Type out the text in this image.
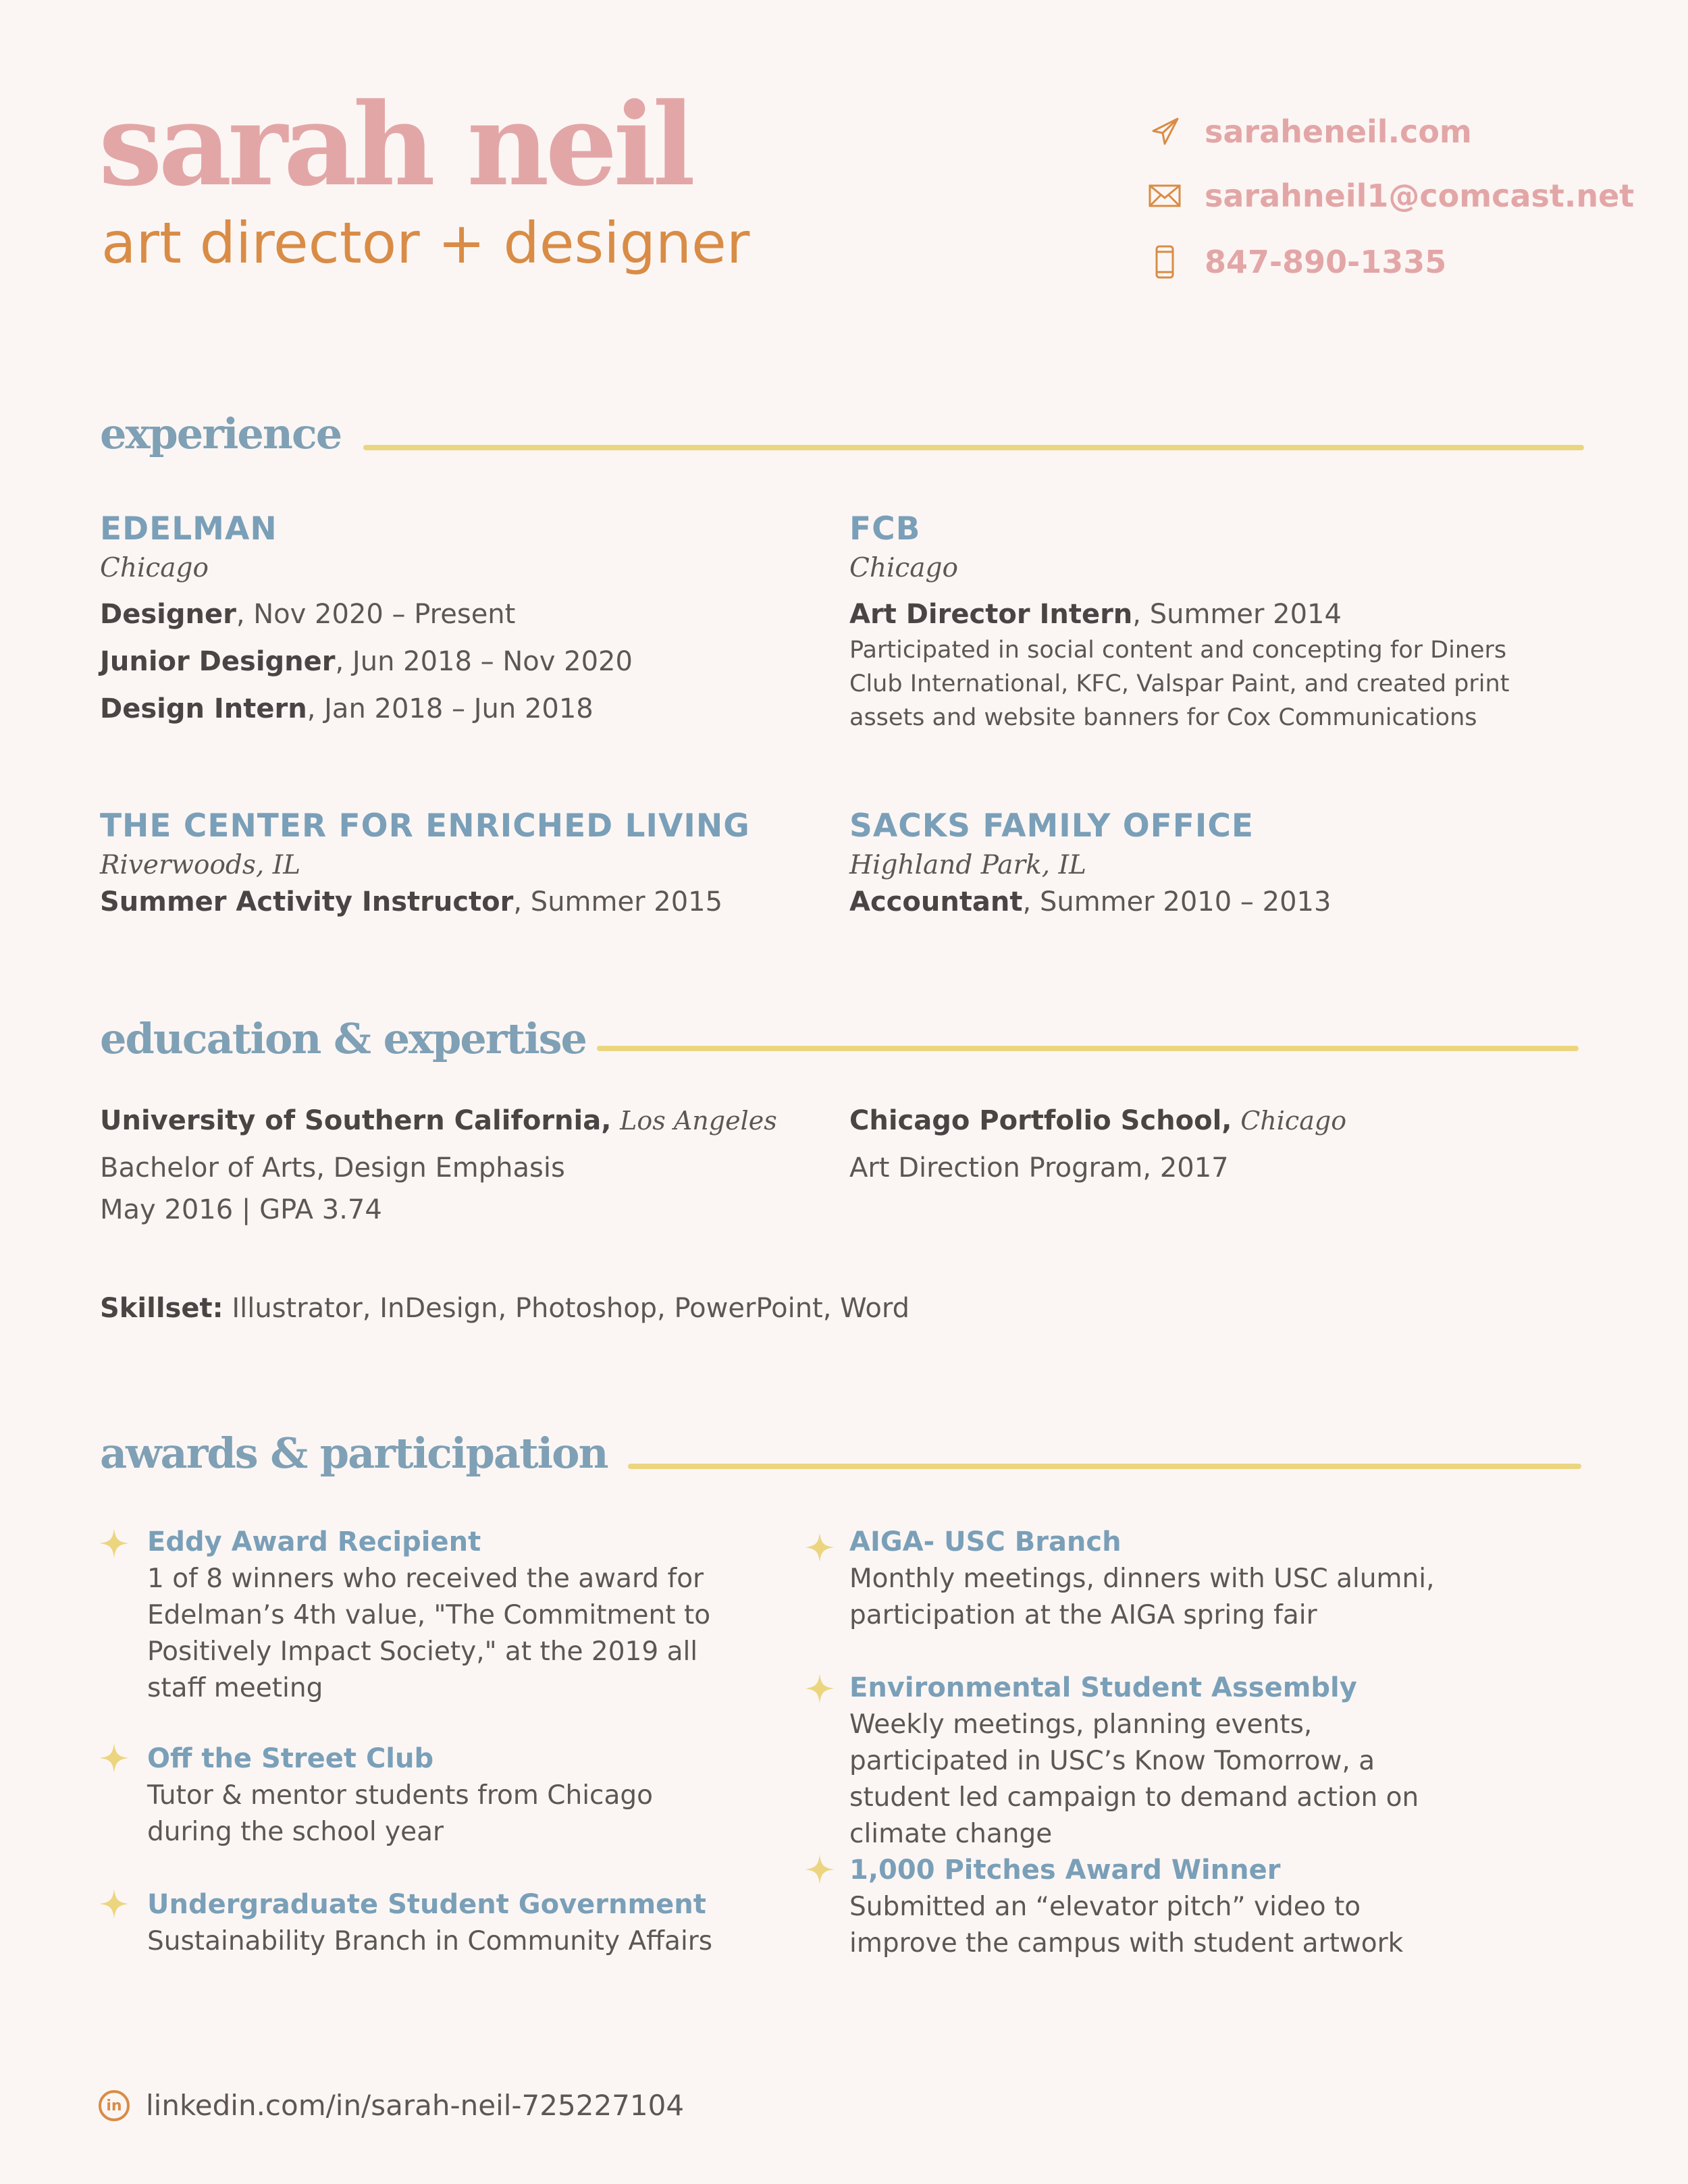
sarah neil
art director + designer
saraheneil.com
sarahneil1@comcast.net
847-890-1335
experience
EDELMAN
Chicago
Designer, Nov 2020 – Present
Junior Designer, Jun 2018 – Nov 2020
Design Intern, Jan 2018 – Jun 2018
FCB
Chicago
Art Director Intern, Summer 2014
Participated in social content and concepting for Diners Club International, KFC, Valspar Paint, and created print assets and website banners for Cox Communications
THE CENTER FOR ENRICHED LIVING
Riverwoods, IL
Summer Activity Instructor, Summer 2015
SACKS FAMILY OFFICE
Highland Park, IL
Accountant, Summer 2010 – 2013
education & expertise
University of Southern California, Los Angeles
Bachelor of Arts, Design Emphasis
May 2016 | GPA 3.74
Chicago Portfolio School, Chicago
Art Direction Program, 2017
Skillset: Illustrator, InDesign, Photoshop, PowerPoint, Word
awards & participation
Eddy Award Recipient
1 of 8 winners who received the award for Edelman’s 4th value, "The Commitment to Positively Impact Society," at the 2019 all staff meeting
Off the Street Club
Tutor & mentor students from Chicago during the school year
Undergraduate Student Government
Sustainability Branch in Community Affairs
AIGA- USC Branch
Monthly meetings, dinners with USC alumni, participation at the AIGA spring fair
Environmental Student Assembly
Weekly meetings, planning events, participated in USC’s Know Tomorrow, a student led campaign to demand action on climate change
1,000 Pitches Award Winner
Submitted an “elevator pitch” video to improve the campus with student artwork
in linkedin.com/in/sarah-neil-725227104
